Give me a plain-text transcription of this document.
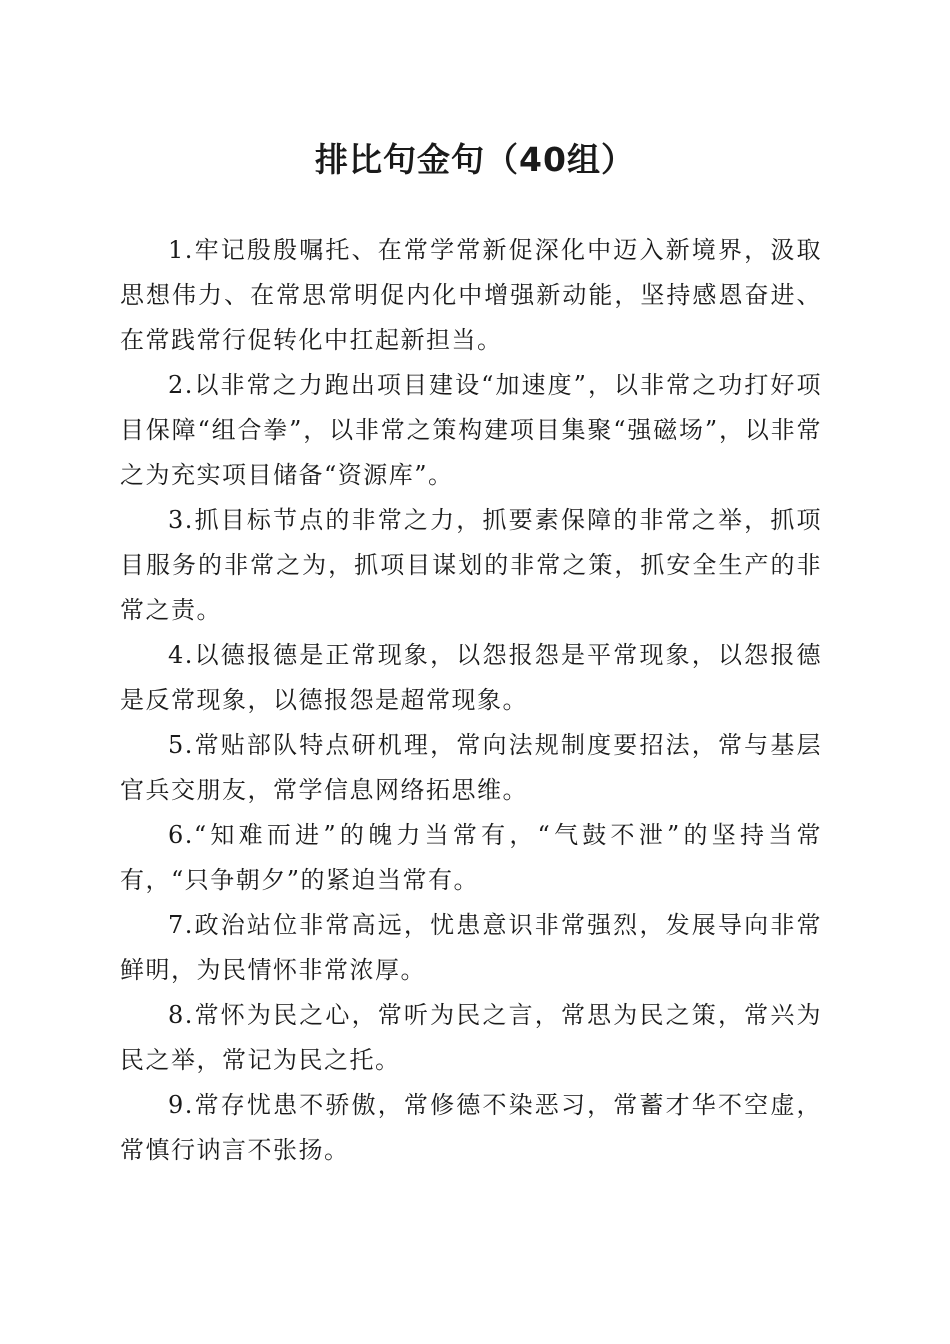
排比句金句（40组）

1.牢记殷殷嘱托、在常学常新促深化中迈入新境界，汲取思想伟力、在常思常明促内化中增强新动能，坚持感恩奋进、在常践常行促转化中扛起新担当。

2.以非常之力跑出项目建设“加速度”，以非常之功打好项目保障“组合拳”，以非常之策构建项目集聚“强磁场”，以非常之为充实项目储备“资源库”。

3.抓目标节点的非常之力，抓要素保障的非常之举，抓项目服务的非常之为，抓项目谋划的非常之策，抓安全生产的非常之责。

4.以德报德是正常现象，以怨报怨是平常现象，以怨报德是反常现象，以德报怨是超常现象。

5.常贴部队特点研机理，常向法规制度要招法，常与基层官兵交朋友，常学信息网络拓思维。

6.“知难而进”的魄力当常有，“气鼓不泄”的坚持当常有，“只争朝夕”的紧迫当常有。

7.政治站位非常高远，忧患意识非常强烈，发展导向非常鲜明，为民情怀非常浓厚。

8.常怀为民之心，常听为民之言，常思为民之策，常兴为民之举，常记为民之托。

9.常存忧患不骄傲，常修德不染恶习，常蓄才华不空虚，常慎行讷言不张扬。
